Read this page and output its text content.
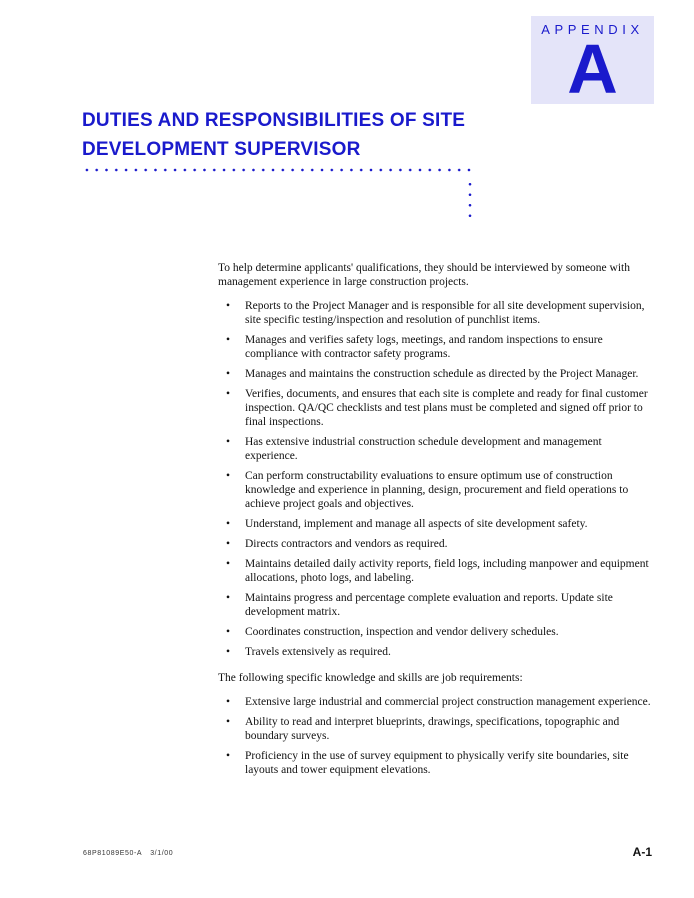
APPENDIX
A
DUTIES AND RESPONSIBILITIES OF SITE DEVELOPMENT SUPERVISOR

To help determine applicants' qualifications, they should be interviewed by someone with management experience in large construction projects.

• Reports to the Project Manager and is responsible for all site development supervision, site specific testing/inspection and resolution of punchlist items.
• Manages and verifies safety logs, meetings, and random inspections to ensure compliance with contractor safety programs.
• Manages and maintains the construction schedule as directed by the Project Manager.
• Verifies, documents, and ensures that each site is complete and ready for final customer inspection. QA/QC checklists and test plans must be completed and signed off prior to final inspections.
• Has extensive industrial construction schedule development and management experience.
• Can perform constructability evaluations to ensure optimum use of construction knowledge and experience in planning, design, procurement and field operations to achieve project goals and objectives.
• Understand, implement and manage all aspects of site development safety.
• Directs contractors and vendors as required.
• Maintains detailed daily activity reports, field logs, including manpower and equipment allocations, photo logs, and labeling.
• Maintains progress and percentage complete evaluation and reports. Update site development matrix.
• Coordinates construction, inspection and vendor delivery schedules.
• Travels extensively as required.

The following specific knowledge and skills are job requirements:

• Extensive large industrial and commercial project construction management experience.
• Ability to read and interpret blueprints, drawings, specifications, topographic and boundary surveys.
• Proficiency in the use of survey equipment to physically verify site boundaries, site layouts and tower equipment elevations.
68P81089E50-A 3/1/00	A-1
